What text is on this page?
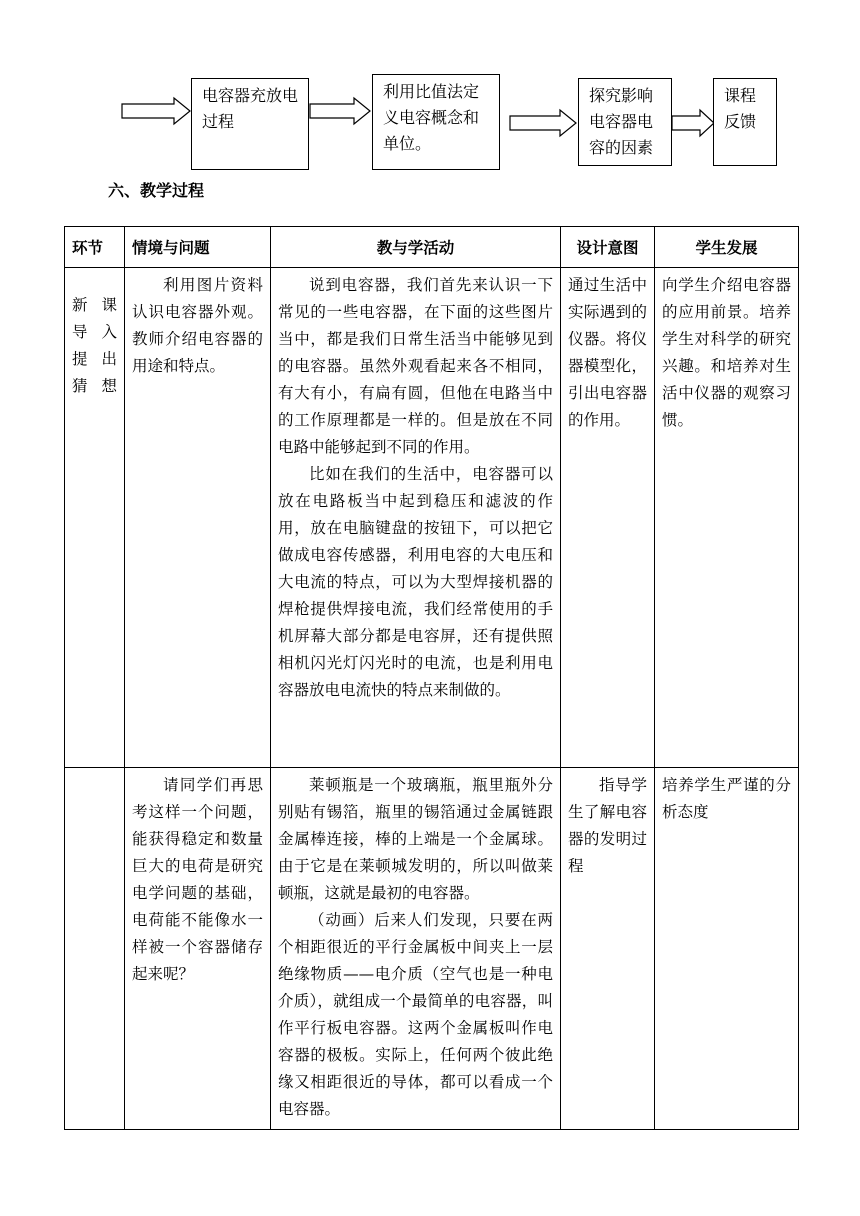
电容器充放电过程
利用比值法定义电容概念和单位。
探究影响电容器电容的因素
课程反馈
六、教学过程
环节	情境与问题	教与学活动	设计意图	学生发展

新课导入提出猜想	利用图片资料认识电容器外观。教师介绍电容器的用途和特点。	说到电容器，我们首先来认识一下常见的一些电容器，在下面的这些图片当中，都是我们日常生活当中能够见到的电容器。虽然外观看起来各不相同，有大有小，有扁有圆，但他在电路当中的工作原理都是一样的。但是放在不同电路中能够起到不同的作用。

比如在我们的生活中，电容器可以放在电路板当中起到稳压和滤波的作用，放在电脑键盘的按钮下，可以把它做成电容传感器，利用电容的大电压和大电流的特点，可以为大型焊接机器的焊枪提供焊接电流，我们经常使用的手机屏幕大部分都是电容屏，还有提供照相机闪光灯闪光时的电流，也是利用电容器放电电流快的特点来制做的。	通过生活中实际遇到的仪器。将仪器模型化，引出电容器的作用。	向学生介绍电容器的应用前景。培养学生对科学的研究兴趣。和培养对生活中仪器的观察习惯。

	请同学们再思考这样一个问题，能获得稳定和数量巨大的电荷是研究电学问题的基础，电荷能不能像水一样被一个容器储存起来呢？	莱顿瓶是一个玻璃瓶，瓶里瓶外分别贴有锡箔，瓶里的锡箔通过金属链跟金属棒连接，棒的上端是一个金属球。由于它是在莱顿城发明的，所以叫做莱顿瓶，这就是最初的电容器。

（动画）后来人们发现，只要在两个相距很近的平行金属板中间夹上一层绝缘物质——电介质（空气也是一种电介质），就组成一个最简单的电容器，叫作平行板电容器。这两个金属板叫作电容器的极板。实际上，任何两个彼此绝缘又相距很近的导体，都可以看成一个电容器。	指导学生了解电容器的发明过程	培养学生严谨的分析态度
